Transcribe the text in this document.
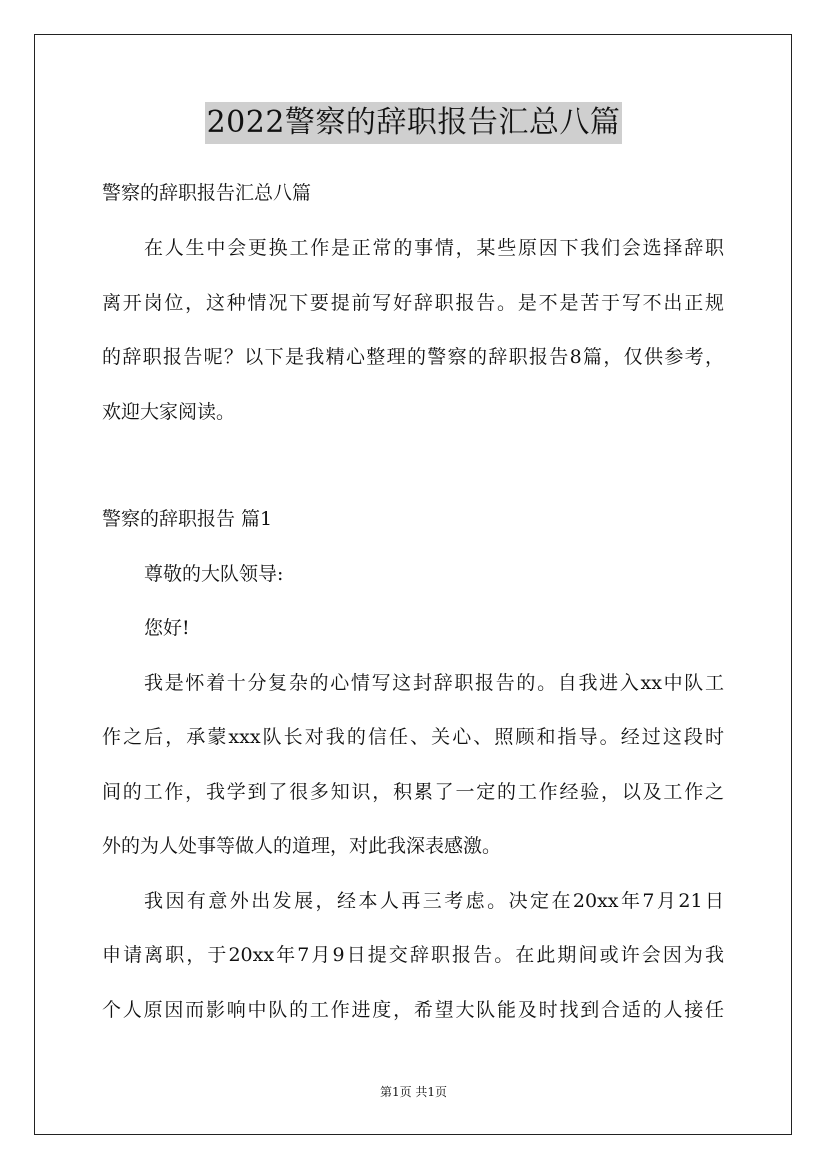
2022警察的辞职报告汇总八篇
警察的辞职报告汇总八篇
在人生中会更换工作是正常的事情，某些原因下我们会选择辞职
离开岗位，这种情况下要提前写好辞职报告。是不是苦于写不出正规
的辞职报告呢？以下是我精心整理的警察的辞职报告8篇，仅供参考，
欢迎大家阅读。
警察的辞职报告 篇1
尊敬的大队领导:
您好!
我是怀着十分复杂的心情写这封辞职报告的。自我进入xx中队工
作之后，承蒙xxx队长对我的信任、关心、照顾和指导。经过这段时
间的工作，我学到了很多知识，积累了一定的工作经验，以及工作之
外的为人处事等做人的道理，对此我深表感激。
我因有意外出发展，经本人再三考虑。决定在20xx年7月21日
申请离职，于20xx年7月9日提交辞职报告。在此期间或许会因为我
个人原因而影响中队的工作进度，希望大队能及时找到合适的人接任
第1页 共1页
